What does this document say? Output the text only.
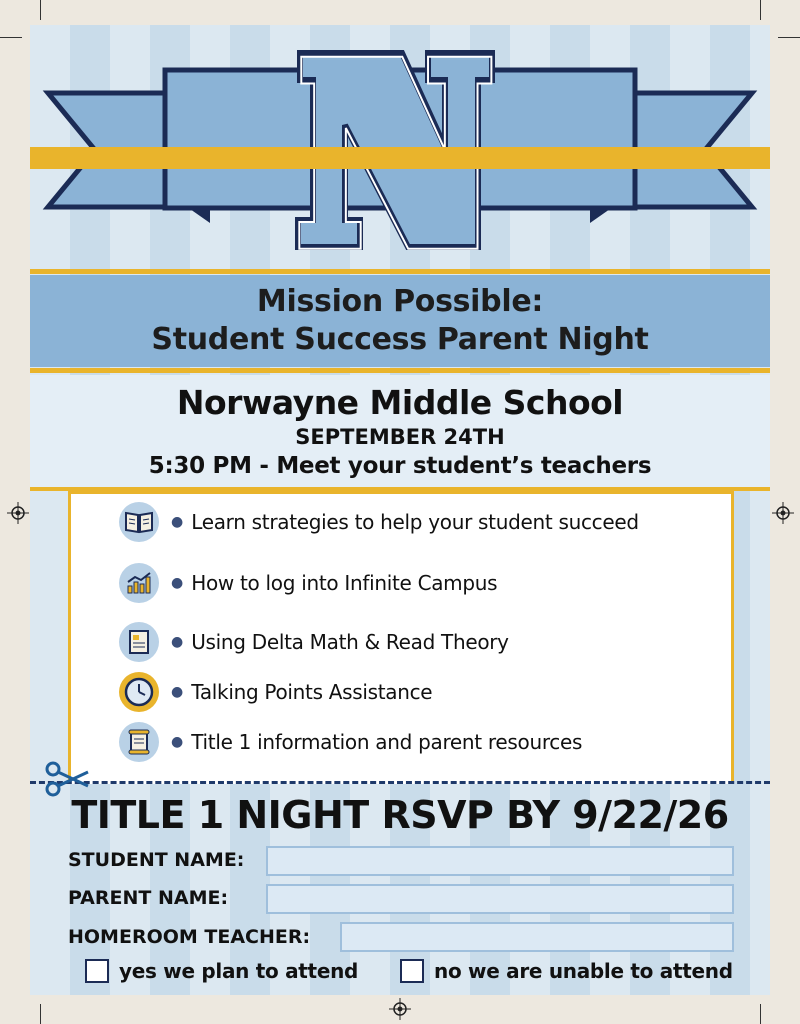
Mission Possible:
Student Success Parent Night
Norwayne Middle School
SEPTEMBER 24TH
5:30 PM - Meet your student’s teachers
● Learn strategies to help your student succeed
● How to log into Infinite Campus
● Using Delta Math & Read Theory
● Talking Points Assistance
● Title 1 information and parent resources
TITLE 1 NIGHT RSVP BY 9/22/26
STUDENT NAME:
PARENT NAME:
HOMEROOM TEACHER:
yes we plan to attend	no we are unable to attend
